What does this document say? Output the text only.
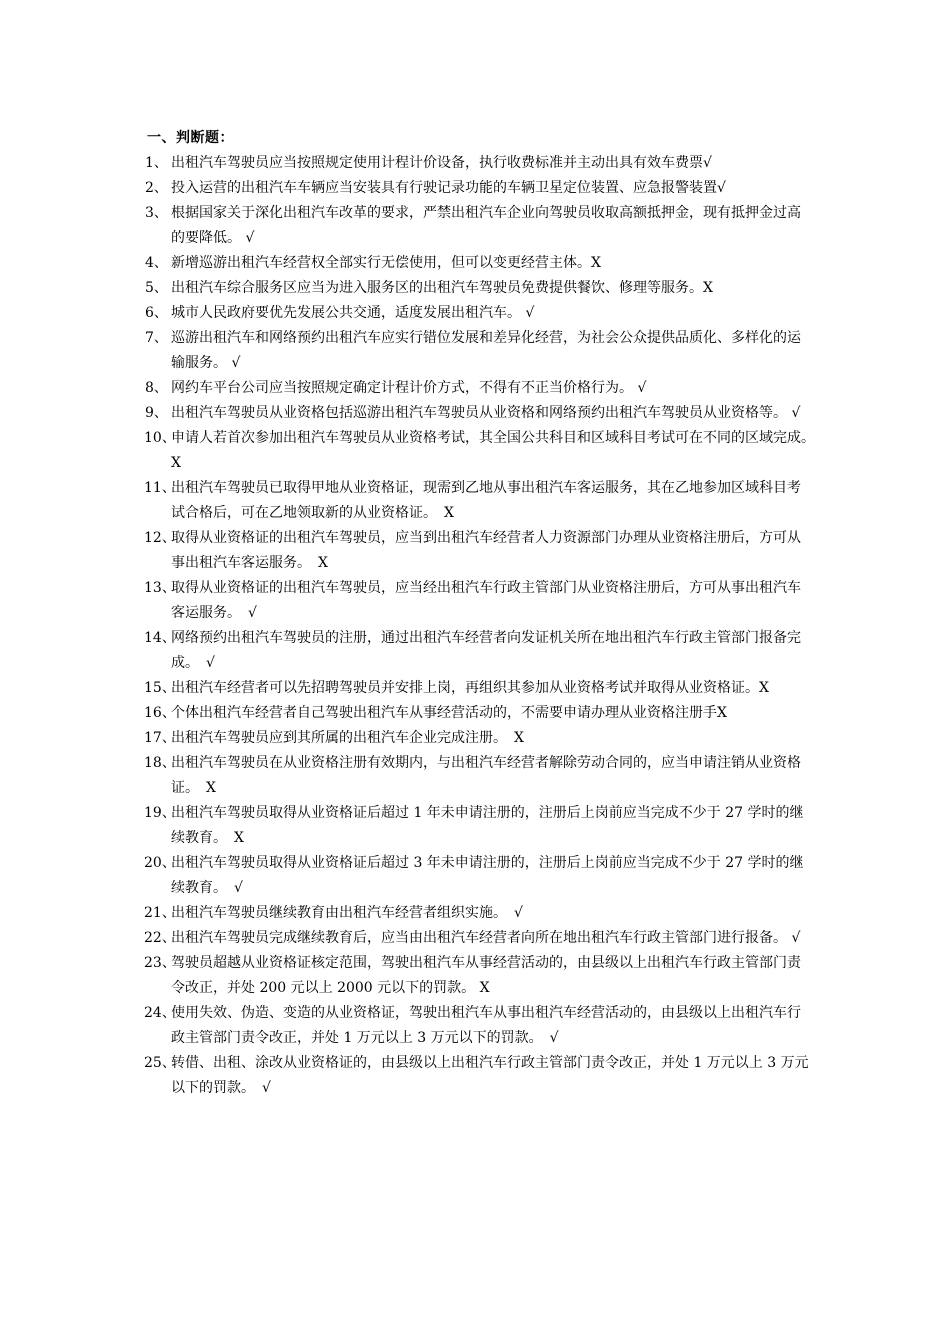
一、判断题：
1、 出租汽车驾驶员应当按照规定使用计程计价设备，执行收费标准并主动出具有效车费票√
2、 投入运营的出租汽车车辆应当安装具有行驶记录功能的车辆卫星定位装置、应急报警装置√
3、 根据国家关于深化出租汽车改革的要求，严禁出租汽车企业向驾驶员收取高额抵押金，现有抵押金过高的要降低。 √
4、 新增巡游出租汽车经营权全部实行无偿使用，但可以变更经营主体。X
5、 出租汽车综合服务区应当为进入服务区的出租汽车驾驶员免费提供餐饮、修理等服务。X
6、 城市人民政府要优先发展公共交通，适度发展出租汽车。 √
7、 巡游出租汽车和网络预约出租汽车应实行错位发展和差异化经营，为社会公众提供品质化、多样化的运输服务。 √
8、 网约车平台公司应当按照规定确定计程计价方式，不得有不正当价格行为。 √
9、 出租汽车驾驶员从业资格包括巡游出租汽车驾驶员从业资格和网络预约出租汽车驾驶员从业资格等。 √
10、
申请人若首次参加出租汽车驾驶员从业资格考试，其全国公共科目和区域科目考试可在不同的区域完成。　X
11、
出租汽车驾驶员已取得甲地从业资格证，现需到乙地从事出租汽车客运服务，其在乙地参加区域科目考试合格后，可在乙地领取新的从业资格证。　X
12、
取得从业资格证的出租汽车驾驶员，应当到出租汽车经营者人力资源部门办理从业资格注册后，方可从事出租汽车客运服务。　X
13、
取得从业资格证的出租汽车驾驶员，应当经出租汽车行政主管部门从业资格注册后，方可从事出租汽车客运服务。　√
14、
网络预约出租汽车驾驶员的注册，通过出租汽车经营者向发证机关所在地出租汽车行政主管部门报备完成。　√
15、
出租汽车经营者可以先招聘驾驶员并安排上岗，再组织其参加从业资格考试并取得从业资格证。X
16、
个体出租汽车经营者自己驾驶出租汽车从事经营活动的，不需要申请办理从业资格注册手X
17、
出租汽车驾驶员应到其所属的出租汽车企业完成注册。　X
18、
出租汽车驾驶员在从业资格注册有效期内，与出租汽车经营者解除劳动合同的，应当申请注销从业资格证。　X
19、
出租汽车驾驶员取得从业资格证后超过 1 年未申请注册的，注册后上岗前应当完成不少于 27 学时的继续教育。　X
20、
出租汽车驾驶员取得从业资格证后超过 3 年未申请注册的，注册后上岗前应当完成不少于 27 学时的继续教育。　√
21、
出租汽车驾驶员继续教育由出租汽车经营者组织实施。　√
22、
出租汽车驾驶员完成继续教育后，应当由出租汽车经营者向所在地出租汽车行政主管部门进行报备。 √
23、
驾驶员超越从业资格证核定范围，驾驶出租汽车从事经营活动的，由县级以上出租汽车行政主管部门责令改正，并处 200 元以上 2000 元以下的罚款。 X
24、
使用失效、伪造、变造的从业资格证，驾驶出租汽车从事出租汽车经营活动的，由县级以上出租汽车行政主管部门责令改正，并处 1 万元以上 3 万元以下的罚款。　√
25、
转借、出租、涂改从业资格证的，由县级以上出租汽车行政主管部门责令改正，并处 1 万元以上 3 万元以下的罚款。　√
